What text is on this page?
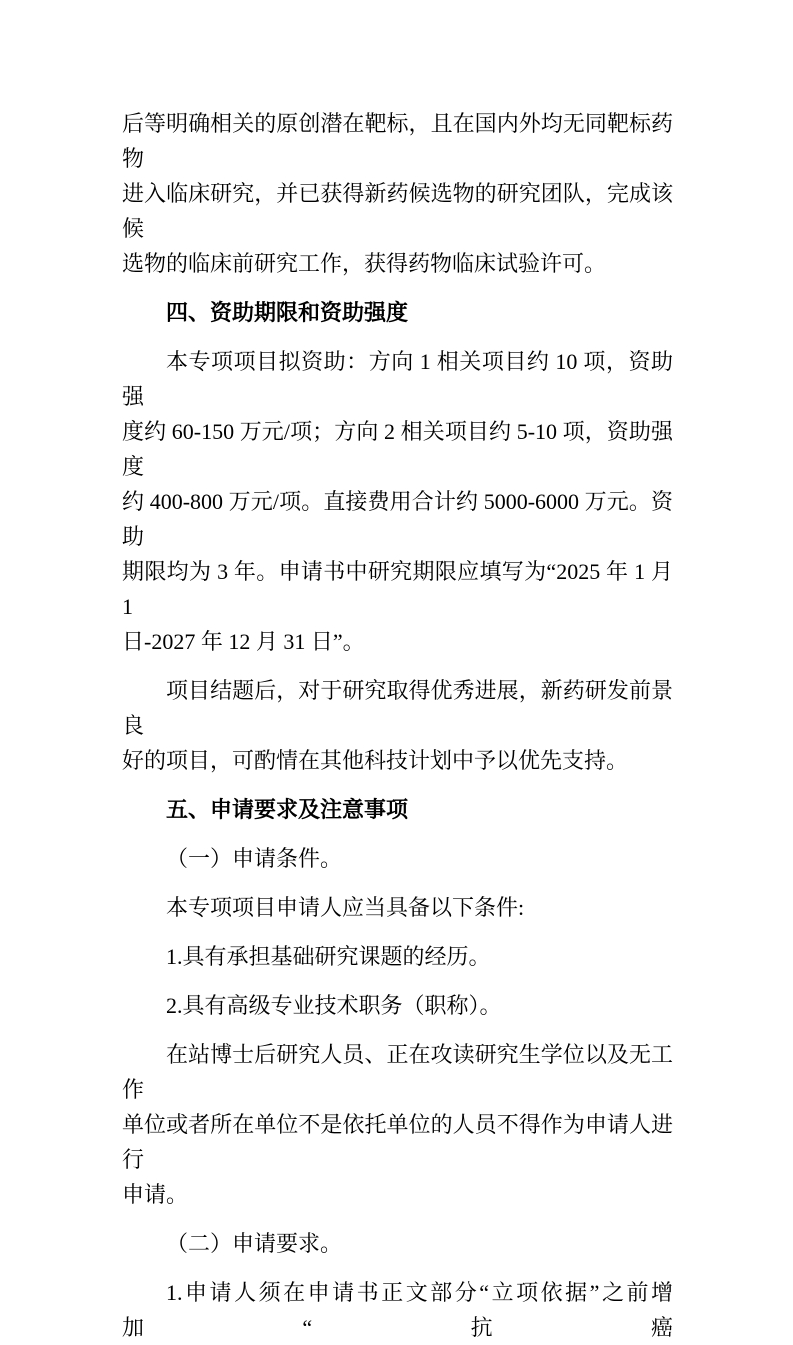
后等明确相关的原创潜在靶标，且在国内外均无同靶标药物
进入临床研究，并已获得新药候选物的研究团队，完成该候
选物的临床前研究工作，获得药物临床试验许可。
四、资助期限和资助强度
本专项项目拟资助：方向 1 相关项目约 10 项，资助强
度约 60-150 万元/项；方向 2 相关项目约 5-10 项，资助强度
约 400-800 万元/项。直接费用合计约 5000-6000 万元。资助
期限均为 3 年。申请书中研究期限应填写为“2025 年 1 月 1
日-2027 年 12 月 31 日”。
项目结题后，对于研究取得优秀进展，新药研发前景良
好的项目，可酌情在其他科技计划中予以优先支持。
五、申请要求及注意事项
（一）申请条件。
本专项项目申请人应当具备以下条件:
1.具有承担基础研究课题的经历。
2.具有高级专业技术职务（职称）。
在站博士后研究人员、正在攻读研究生学位以及无工作
单位或者所在单位不是依托单位的人员不得作为申请人进行
申请。
（二）申请要求。
1.申请人须在申请书正文部分“立项依据”之前增加“抗癌
